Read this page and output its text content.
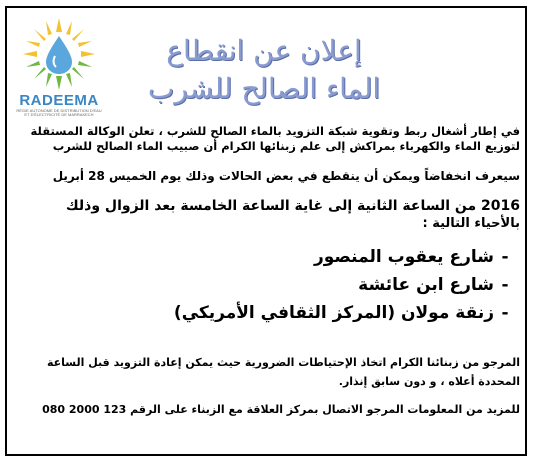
RADEEMA
RÉGIE AUTONOME DE DISTRIBUTION D'EAU ET D'ÉLECTRICITÉ DE MARRAKECH
إعلان عن انقطاع
الماء الصالح للشرب
في إطار أشغال ربط وتقوية شبكة التزويد بالماء الصالح للشرب ، تعلن الوكالة المستقلة
لتوزيع الماء والكهرباء بمراكش إلى علم زبنائها الكرام أن صبيب الماء الصالح للشرب
سيعرف انخفاضاً ويمكن أن ينقطع في بعض الحالات وذلك يوم الخميس 28 أبريل
2016 من الساعة الثانية إلى غاية الساعة الخامسة بعد الزوال وذلك
بالأحياء التالية :
-شارع يعقوب المنصور
-شارع ابن عائشة
-زنقة مولان (المركز الثقافي الأمريكي)
المرجو من زبنائنا الكرام اتخاذ الإحتياطات الضرورية حيث يمكن إعادة التزويد قبل الساعة
المحددة أعلاه ، و دون سابق إنذار.
للمزيد من المعلومات المرجو الاتصال بمركز العلاقة مع الزبناء على الرقم 123 2000 080
